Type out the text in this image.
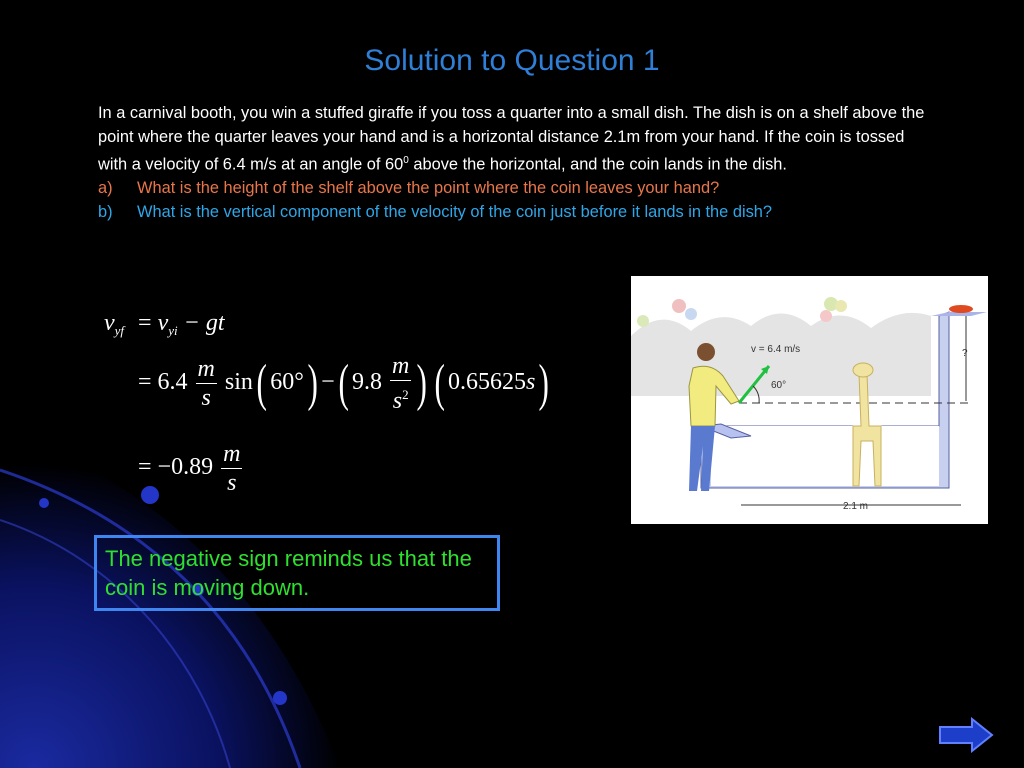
Solution to Question 1

In a carnival booth, you win a stuffed giraffe if you toss a quarter into a small dish. The dish is on a shelf above the point where the quarter leaves your hand and is a horizontal distance 2.1m from your hand. If the coin is tossed with a velocity of 6.4 m/s at an angle of $60^0$ above the horizontal, and the coin lands in the dish.

a)	What is the height of the shelf above the point where the coin leaves your hand?
b)	What is the vertical component of the velocity of the coin just before it lands in the dish?
$v_{yf} = v_{yi}$ − gt
= $6.4 \frac{m}{s} \sin$( 60°) −( $9.8 \frac{m}{s^2}$ ) ( 0.65625s)
= $-0.89 \frac{m}{s}$
The negative sign reminds us that the coin is moving down.
?
2.1 m
v = 6.4 m/s
60°
